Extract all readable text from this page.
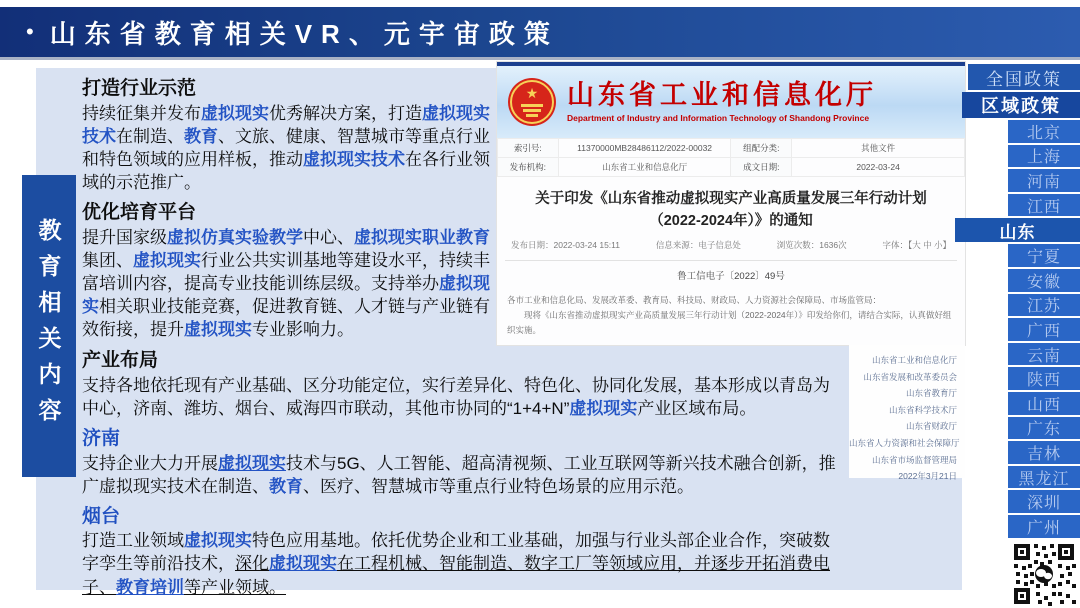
• 山东省教育相关VR、元宇宙政策
教育相关内容
打造行业示范

持续征集并发布虚拟现实优秀解决方案，打造虚拟现实技术在制造、教育、文旅、健康、智慧城市等重点行业和特色领域的应用样板，推动虚拟现实技术在各行业领域的示范推广。

优化培育平台

提升国家级虚拟仿真实验教学中心、虚拟现实职业教育集团、虚拟现实行业公共实训基地等建设水平，持续丰富培训内容，提高专业技能训练层级。支持举办虚拟现实相关职业技能竞赛，促进教育链、人才链与产业链有效衔接，提升虚拟现实专业影响力。

产业布局

支持各地依托现有产业基础、区分功能定位，实行差异化、特色化、协同化发展，基本形成以青岛为中心，济南、潍坊、烟台、威海四市联动，其他市协同的“1+4+N”虚拟现实产业区域布局。

济南

支持企业大力开展虚拟现实技术与5G、人工智能、超高清视频、工业互联网等新兴技术融合创新，推广虚拟现实技术在制造、教育、医疗、智慧城市等重点行业特色场景的应用示范。

烟台

打造工业领域虚拟现实特色应用基地。依托优势企业和工业基础，加强与行业头部企业合作，突破数字孪生等前沿技术，深化虚拟现实在工程机械、智能制造、数字工厂等领域应用，并逐步开拓消费电子、教育培训等产业领域。

★ 山东省工业和信息化厅
Department of Industry and Information Technology of Shandong Province
索引号:	11370000MB28486112/2022-00032	组配分类:	其他文件
发布机构:	山东省工业和信息化厅	成文日期:	2022-03-24
关于印发《山东省推动虚拟现实产业高质量发展三年行动计划（2022-2024年）》的通知
发布日期：2022-03-24 15:11	信息来源：电子信息处	浏览次数：1636次	字体：【大 中 小】
鲁工信电子〔2022〕49号

各市工业和信息化局、发展改革委、教育局、科技局、财政局、人力资源社会保障局、市场监管局：

现将《山东省推动虚拟现实产业高质量发展三年行动计划（2022-2024年）》印发给你们，请结合实际，认真做好组织实施。

山东省工业和信息化厅
山东省发展和改革委员会
山东省教育厅
山东省科学技术厅
山东省财政厅
山东省人力资源和社会保障厅
山东省市场监督管理局
2022年3月21日
全国政策
区域政策
北京
上海
河南
江西
山东
宁夏
安徽
江苏
广西
云南
陕西
山西
广东
吉林
黑龙江
深圳
广州
